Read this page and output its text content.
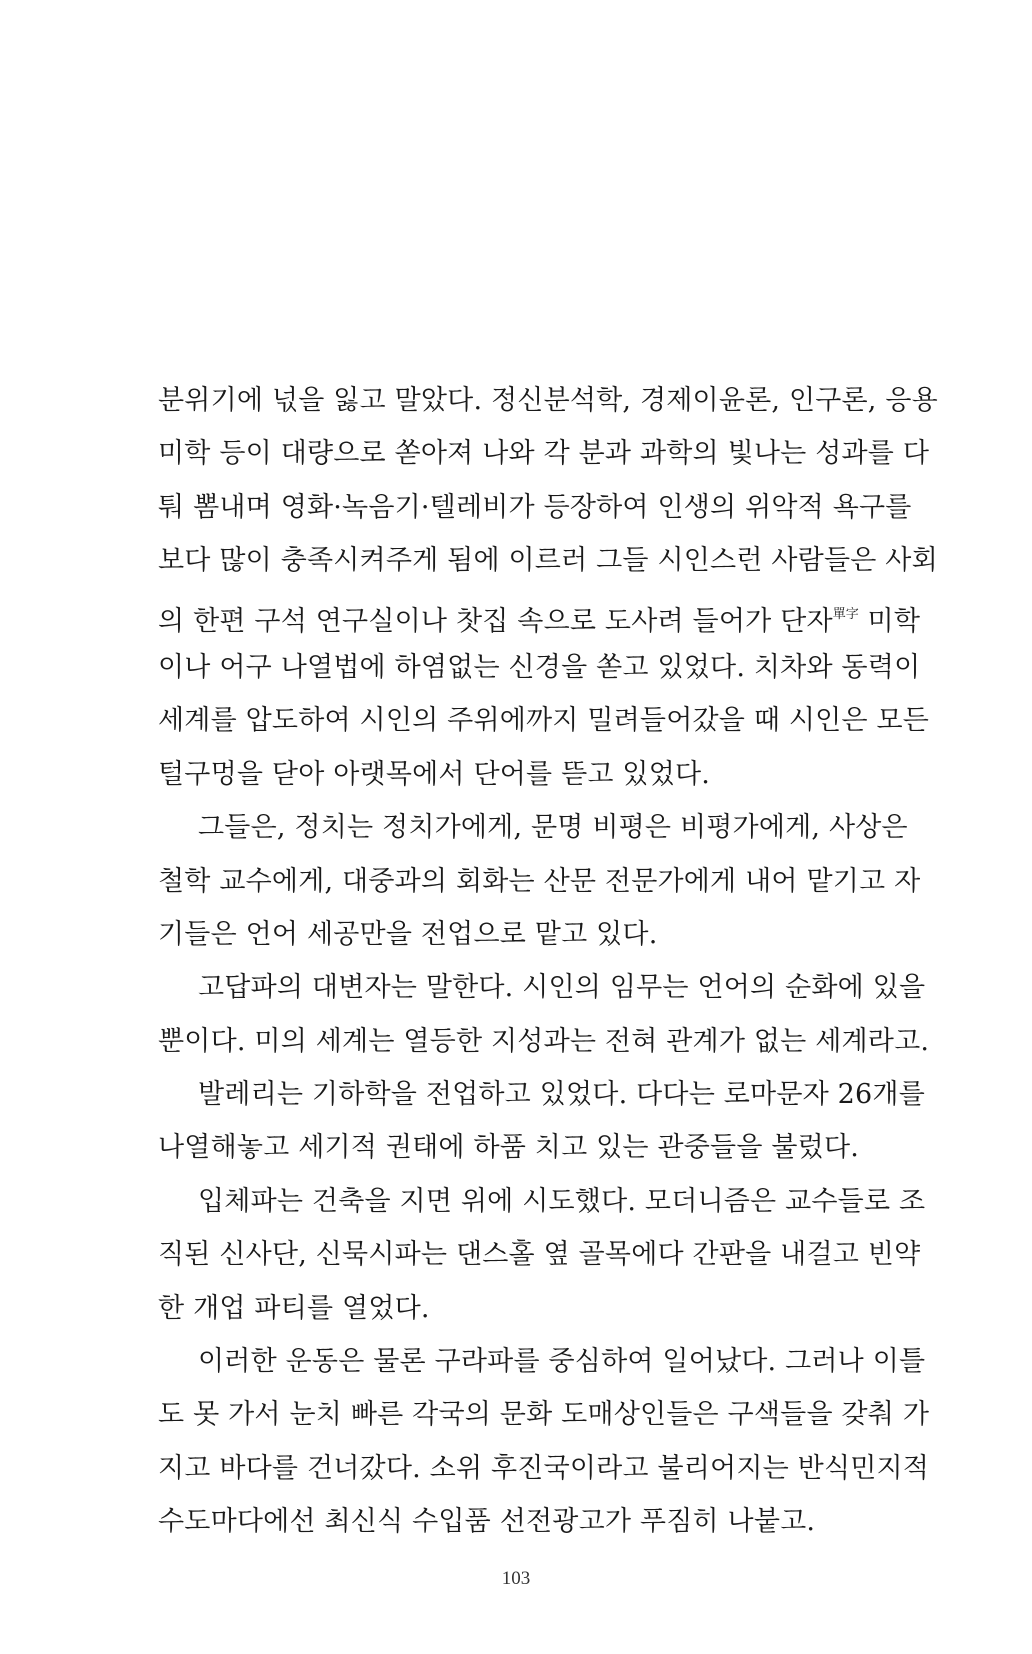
분위기에 넋을 잃고 말았다. 정신분석학, 경제이윤론, 인구론, 응용
미학 등이 대량으로 쏟아져 나와 각 분과 과학의 빛나는 성과를 다
퉈 뽐내며 영화·녹음기·텔레비가 등장하여 인생의 위악적 욕구를
보다 많이 충족시켜주게 됨에 이르러 그들 시인스런 사람들은 사회
의 한편 구석 연구실이나 찻집 속으로 도사려 들어가 단자$^{單字}$ 미학
이나 어구 나열법에 하염없는 신경을 쏟고 있었다. 치차와 동력이
세계를 압도하여 시인의 주위에까지 밀려들어갔을 때 시인은 모든
털구멍을 닫아 아랫목에서 단어를 뜯고 있었다.
그들은, 정치는 정치가에게, 문명 비평은 비평가에게, 사상은
철학 교수에게, 대중과의 회화는 산문 전문가에게 내어 맡기고 자
기들은 언어 세공만을 전업으로 맡고 있다.
고답파의 대변자는 말한다. 시인의 임무는 언어의 순화에 있을
뿐이다. 미의 세계는 열등한 지성과는 전혀 관계가 없는 세계라고.
발레리는 기하학을 전업하고 있었다. 다다는 로마문자 26개를
나열해놓고 세기적 권태에 하품 치고 있는 관중들을 불렀다.
입체파는 건축을 지면 위에 시도했다. 모더니즘은 교수들로 조
직된 신사단, 신묵시파는 댄스홀 옆 골목에다 간판을 내걸고 빈약
한 개업 파티를 열었다.
이러한 운동은 물론 구라파를 중심하여 일어났다. 그러나 이틀
도 못 가서 눈치 빠른 각국의 문화 도매상인들은 구색들을 갖춰 가
지고 바다를 건너갔다. 소위 후진국이라고 불리어지는 반식민지적
수도마다에선 최신식 수입품 선전광고가 푸짐히 나붙고.
103
